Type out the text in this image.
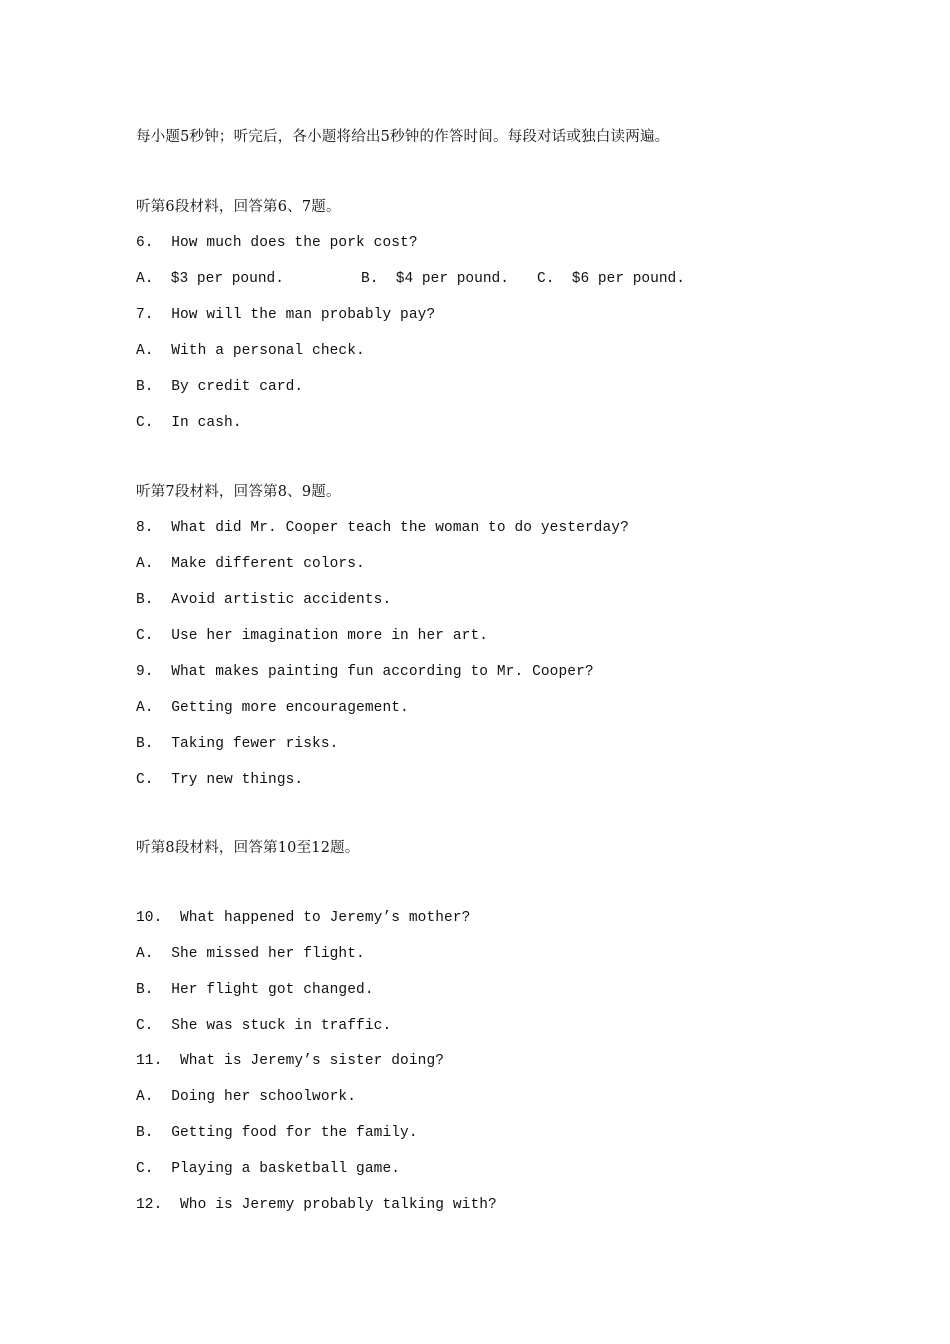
每小题5秒钟；听完后，各小题将给出5秒钟的作答时间。每段对话或独白读两遍。
听第6段材料，回答第6、7题。
6.  How much does the pork cost?
A.  $3 per pound.	B.  $4 per pound. C.  $6 per pound.
7.  How will the man probably pay?
A.  With a personal check.
B.  By credit card.
C.  In cash.
听第7段材料，回答第8、9题。
8.  What did Mr. Cooper teach the woman to do yesterday?
A.  Make different colors.
B.  Avoid artistic accidents.
C.  Use her imagination more in her art.
9.  What makes painting fun according to Mr. Cooper?
A.  Getting more encouragement.
B.  Taking fewer risks.
C.  Try new things.
听第8段材料，回答第10至12题。
10.  What happened to Jeremy’s mother?
A.  She missed her flight.
B.  Her flight got changed.
C.  She was stuck in traffic.
11.  What is Jeremy’s sister doing?
A.  Doing her schoolwork.
B.  Getting food for the family.
C.  Playing a basketball game.
12.  Who is Jeremy probably talking with?
